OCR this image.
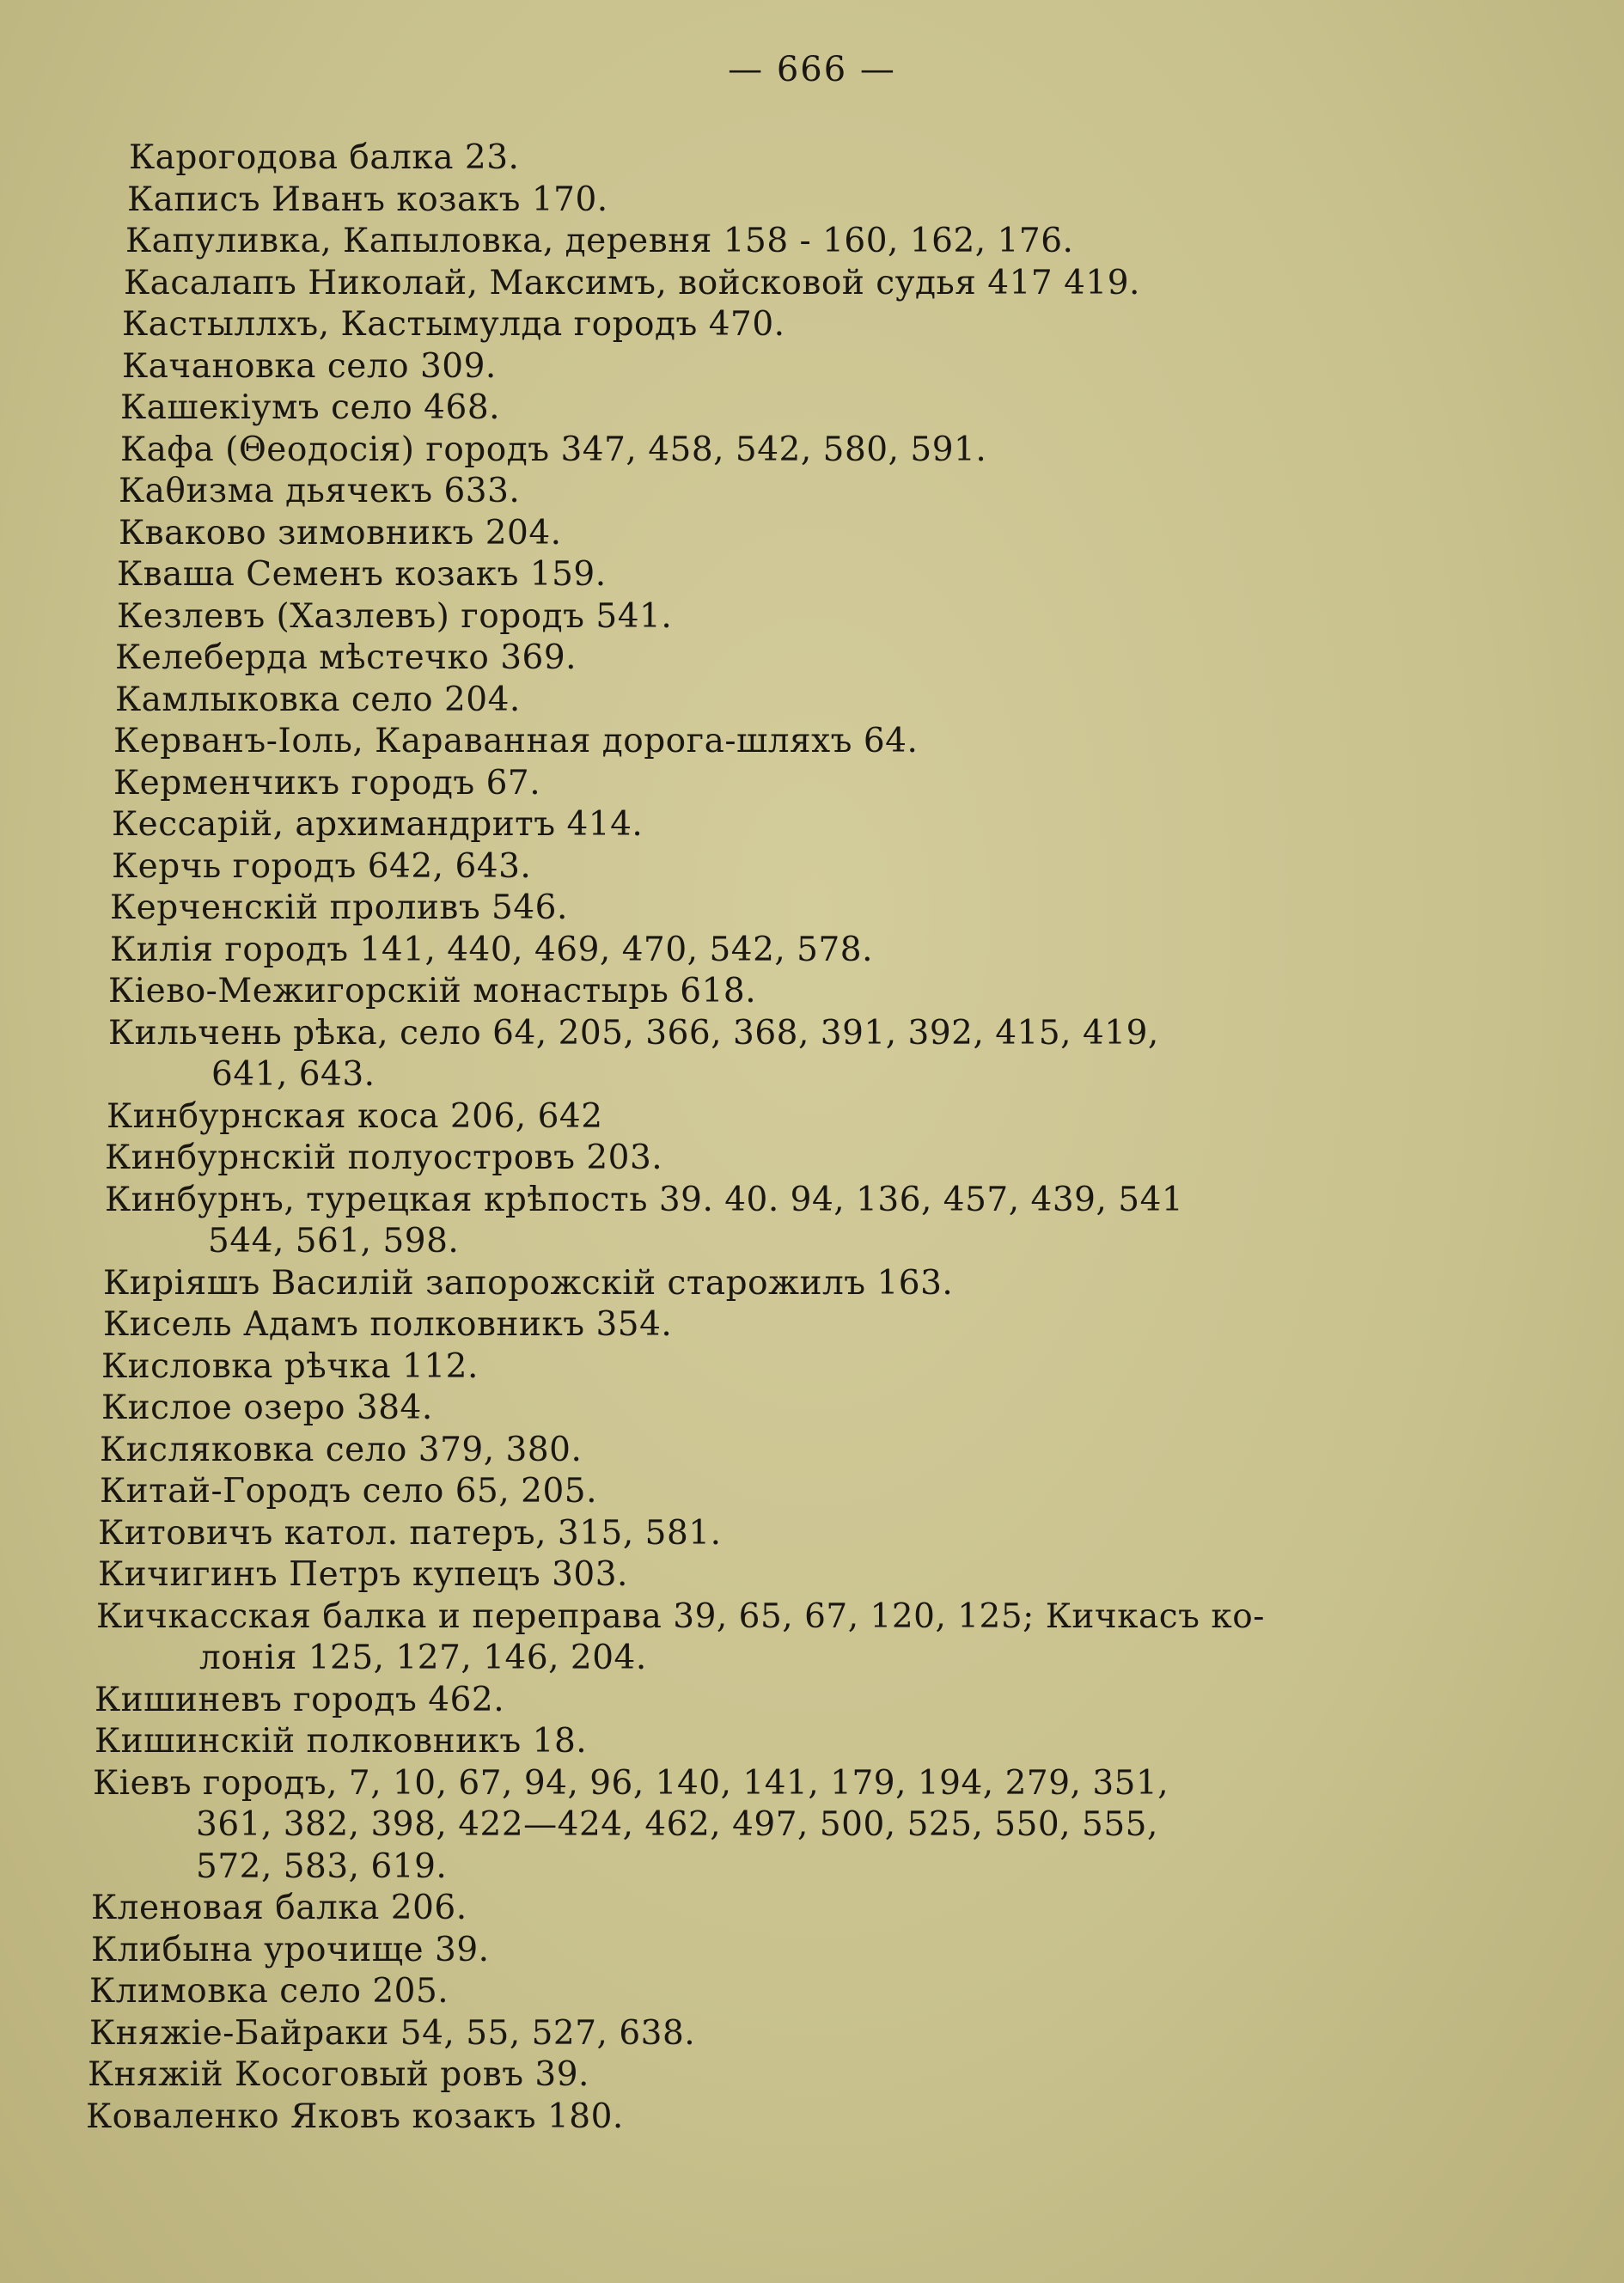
— 666 —
Карогодова балка 23.
Каписъ Иванъ козакъ 170.
Капуливка, Капыловка, деревня 158 - 160, 162, 176.
Касалапъ Николай, Максимъ, войсковой судья 417 419.
Кастыллхъ, Кастымулда городъ 470.
Качановка село 309.
Кашекiумъ село 468.
Кафа (Θеодосiя) городъ 347, 458, 542, 580, 591.
Каθизма дьячекъ 633.
Кваково зимовникъ 204.
Кваша Семенъ козакъ 159.
Кезлевъ (Хазлевъ) городъ 541.
Келеберда мѣстечко 369.
Камлыковка село 204.
Керванъ-Iоль, Караванная дорога-шляхъ 64.
Керменчикъ городъ 67.
Кессарiй, архимандритъ 414.
Керчь городъ 642, 643.
Керченскiй проливъ 546.
Килiя городъ 141, 440, 469, 470, 542, 578.
Кiево-Межигорскiй монастырь 618.
Кильчень рѣка, село 64, 205, 366, 368, 391, 392, 415, 419,
641, 643.
Кинбурнская коса 206, 642
Кинбурнскiй полуостровъ 203.
Кинбурнъ, турецкая крѣпость 39. 40. 94, 136, 457, 439, 541
544, 561, 598.
Кирiяшъ Василiй запорожскiй старожилъ 163.
Кисель Адамъ полковникъ 354.
Кисловка рѣчка 112.
Кислое озеро 384.
Кисляковка село 379, 380.
Китай-Городъ село 65, 205.
Китовичъ катол. патеръ, 315, 581.
Кичигинъ Петръ купецъ 303.
Кичкасская балка и переправа 39, 65, 67, 120, 125; Кичкасъ ко-
лонiя 125, 127, 146, 204.
Кишиневъ городъ 462.
Кишинскiй полковникъ 18.
Кiевъ городъ, 7, 10, 67, 94, 96, 140, 141, 179, 194, 279, 351,
361, 382, 398, 422—424, 462, 497, 500, 525, 550, 555,
572, 583, 619.
Кленовая балка 206.
Клибына урочище 39.
Климовка село 205.
Княжiе-Байраки 54, 55, 527, 638.
Княжiй Косоговый ровъ 39.
Коваленко Яковъ козакъ 180.
